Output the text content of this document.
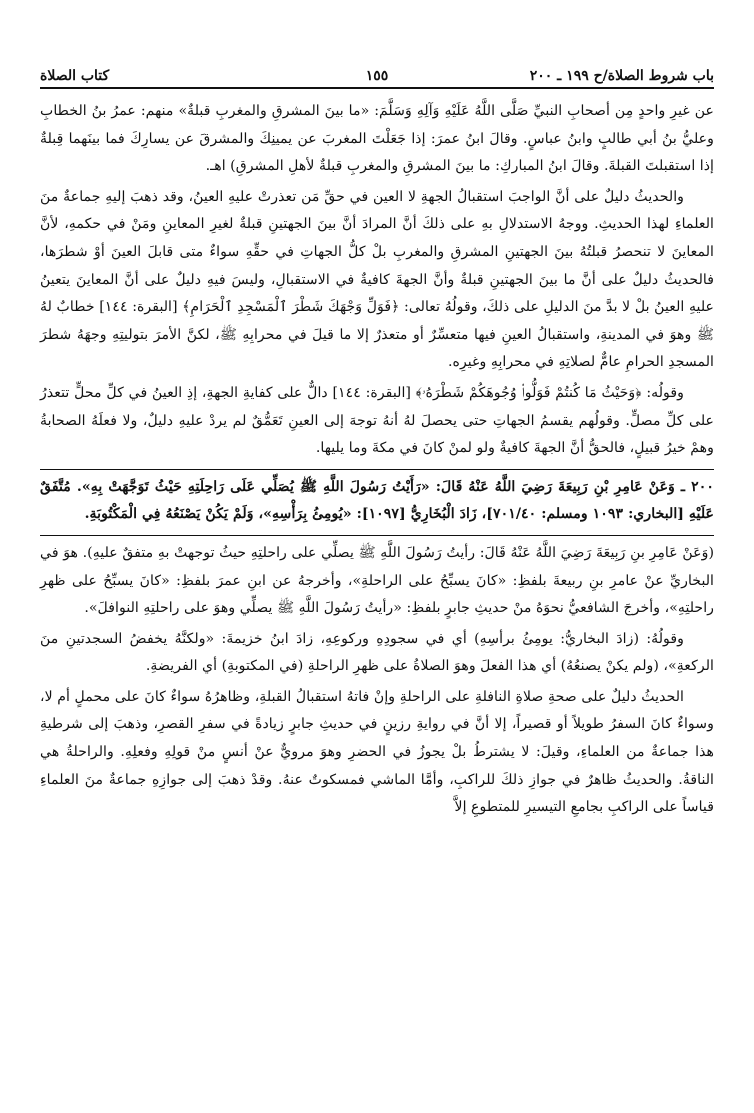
باب شروط الصلاة/ح ١٩٩ ـ ٢٠٠
١٥٥
كتاب الصلاة

عن غيرِ واحدٍ مِن أصحابِ النبيِّ صَلَّى اللَّهُ عَلَيْهِ وَآلِهِ وَسَلَّمَ: «ما بينَ المشرقِ والمغربِ قبلةٌ» منهم: عمرُ بنُ الخطابِ وعليُّ بنُ أبي طالبٍ وابنُ عباسٍ. وقالَ ابنُ عمرَ: إذا جَعَلْتَ المغربَ عن يمينِكَ والمشرقَ عن يسارِكَ فما بينَهما قِبلةٌ إذا استقبلتَ القبلةَ. وقالَ ابنُ المباركِ: ما بينَ المشرقِ والمغربِ قبلةٌ لأهلِ المشرقِ) اهـ.

والحديثُ دليلٌ على أنَّ الواجبَ استقبالُ الجهةِ لا العين في حقِّ مَن تعذرتْ عليهِ العينُ، وقد ذهبَ إليهِ جماعةٌ منَ العلماءِ لهذا الحديثِ. ووجهُ الاستدلالِ بهِ على ذلكَ أنَّ المرادَ أنَّ بينَ الجهتينِ قبلةٌ لغيرِ المعاينِ ومَنْ في حكمهِ، لأنَّ المعاينَ لا تنحصرُ قبلتُهُ بينَ الجهتينِ المشرقِ والمغربِ بلْ كلُّ الجهاتِ في حقِّهِ سواءٌ متى قابلَ العينَ أوْ شطرَها، فالحديثُ دليلٌ على أنَّ ما بينَ الجهتينِ قبلةٌ وأنَّ الجهةَ كافيةٌ في الاستقبالِ، وليسَ فيهِ دليلٌ على أنَّ المعاينَ يتعينُ عليهِ العينُ بلْ لا بدَّ منَ الدليلِ على ذلكَ، وقولُهُ تعالى: ﴿فَوَلِّ وَجْهَكَ شَطْرَ ٱلْمَسْجِدِ ٱلْحَرَامِ﴾ [البقرة: ١٤٤] خطابٌ لهُ ﷺ وهوَ في المدينةِ، واستقبالُ العينِ فيها متعسِّرٌ أو متعذرٌ إلا ما قيلَ في محرابِهِ ﷺ، لكنَّ الأمرَ بتوليتِهِ وجهَهُ شطرَ المسجدِ الحرامِ عامٌّ لصلاتِهِ في محرابِهِ وغيرِه.

وقولُه: ﴿وَحَيْثُ مَا كُنتُمْ فَوَلُّوا۟ وُجُوهَكُمْ شَطْرَهُۥ﴾ [البقرة: ١٤٤] دالٌّ على كفايةِ الجهةِ، إذِ العينُ في كلِّ محلٍّ تتعذرُ على كلِّ مصلٍّ. وقولُهم يقسمُ الجهاتِ حتى يحصلَ لهُ أنهُ توجهَ إلى العينِ تَعَمُّقٌ لم يردْ عليهِ دليلٌ، ولا فعلَهُ الصحابةُ وهمْ خيرُ قبيلٍ، فالحقُّ أنَّ الجهةَ كافيةٌ ولو لمنْ كانَ في مكةَ وما يليها.

٢٠٠ ـ وَعَنْ عَامِرِ بْنِ رَبِيعَةَ رَضِيَ اللَّهُ عَنْهُ قَالَ: «رَأَيْتُ رَسُولَ اللَّهِ ﷺ يُصَلِّي عَلَى رَاحِلَتِهِ حَيْثُ تَوَجَّهَتْ بِهِ». مُتَّفَقٌ عَلَيْهِ [البخاري: ١٠٩٣ ومسلم: ٧٠١/٤٠]، زَادَ الْبُخَارِيُّ [١٠٩٧]: «يُومِئُ بِرَأْسِهِ»، وَلَمْ يَكُنْ يَصْنَعُهُ فِي الْمَكْتُوبَةِ.

(وَعَنْ عَامِرِ بنِ رَبِيعَةَ رَضِيَ اللَّهُ عَنْهُ قَالَ: رأيتُ رَسُولَ اللَّهِ ﷺ يصلِّي على راحلتِهِ حيثُ توجهتْ بهِ متفقٌ عليهِ). هوَ في البخاريِّ عنْ عامرِ بنِ ربيعةَ بلفظِ: «كانَ يسبِّحُ على الراحلةِ»، وأخرجهُ عن ابنِ عمرَ بلفظِ: «كانَ يسبِّحُ على ظهرِ راحلتِهِ»، وأخرجَ الشافعيُّ نحوَهُ منْ حديثِ جابرٍ بلفظِ: «رأيتُ رَسُولَ اللَّهِ ﷺ يصلِّي وهوَ على راحلتِهِ النوافلَ».

وقولُهُ: (زادَ البخاريُّ: يومِئُ برأسِهِ) أي في سجودِهِ وركوعِهِ، زادَ ابنُ خزيمةَ: «ولكنَّهُ يخفضُ السجدتينِ منَ الركعةِ»، (ولم يكنْ يصنعُهُ) أي هذا الفعلَ وهوَ الصلاةُ على ظهرِ الراحلةِ (في المكتوبةِ) أي الفريضةِ.

الحديثُ دليلٌ على صحةِ صلاةِ النافلةِ على الراحلةِ وإنْ فاتهُ استقبالُ القبلةِ، وظاهرُهُ سواءٌ كانَ على محملٍ أم لا، وسواءٌ كانَ السفرُ طويلاً أو قصيراً، إلا أنَّ في روايةِ رزينٍ في حديثِ جابرٍ زيادةً في سفرِ القصرِ، وذهبَ إلى شرطيةِ هذا جماعةٌ من العلماءِ، وقيلَ: لا يشترطُ بلْ يجوزُ في الحضرِ وهوَ مرويٌّ عنْ أنسٍ منْ قولِهِ وفعلِهِ. والراحلةُ هي الناقةُ. والحديثُ ظاهرٌ في جوازِ ذلكَ للراكبِ، وأمَّا الماشي فمسكوتٌ عنهُ. وقدْ ذهبَ إلى جوازِهِ جماعةٌ منَ العلماءِ قياساً على الراكبِ بجامعِ التيسيرِ للمتطوعِ إلاَّ
